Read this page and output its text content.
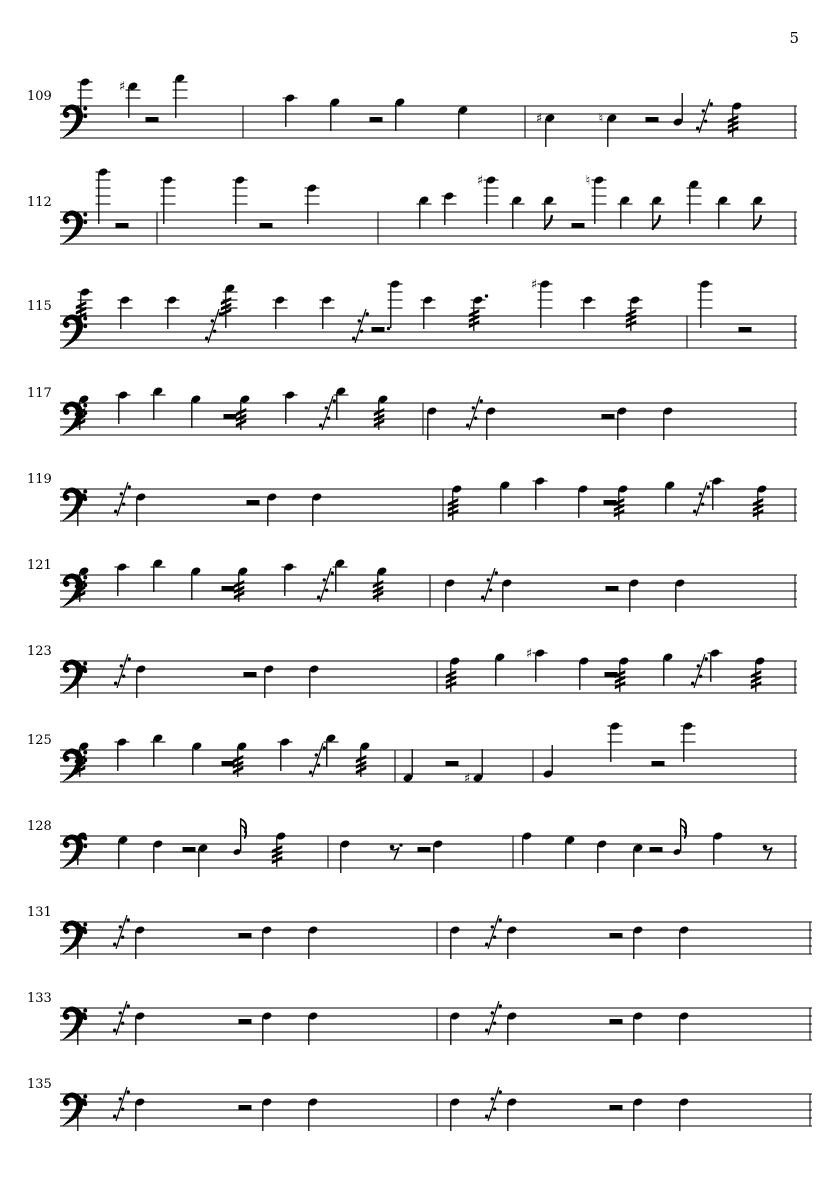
5
109
♯
♯	♮
112
♯	♮
115
♯
117
119
121
123	♯
125
♯
128
131
133
135
